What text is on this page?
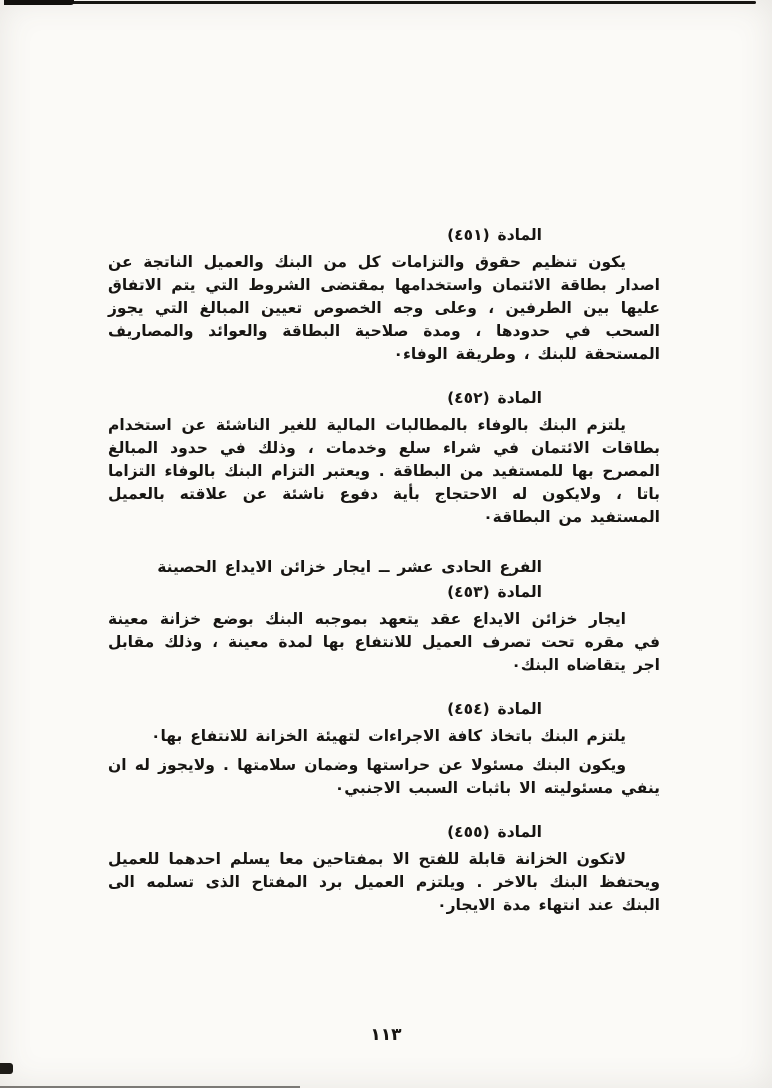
المادة (٤٥١)

يكون تنظيم حقوق والتزامات كل من البنك والعميل الناتجة عن اصدار بطاقة الائتمان واستخدامها بمقتضى الشروط التي يتم الاتفاق عليها بين الطرفين ، وعلى وجه الخصوص تعيين المبالغ التي يجوز السحب في حدودها ، ومدة صلاحية البطاقة والعوائد والمصاريف المستحقة للبنك ، وطريقة الوفاء٠

المادة (٤٥٢)

يلتزم البنك بالوفاء بالمطالبات المالية للغير الناشئة عن استخدام بطاقات الائتمان في شراء سلع وخدمات ، وذلك في حدود المبالغ المصرح بها للمستفيد من البطاقة . ويعتبر التزام البنك بالوفاء التزاما باتا ، ولايكون له الاحتجاج بأية دفوع ناشئة عن علاقته بالعميل المستفيد من البطاقة٠

الفرع الحادى عشر ــ ايجار خزائن الايداع الحصينة
المادة (٤٥٣)

ايجار خزائن الايداع عقد يتعهد بموجبه البنك بوضع خزانة معينة في مقره تحت تصرف العميل للانتفاع بها لمدة معينة ، وذلك مقابل اجر يتقاضاه البنك٠

المادة (٤٥٤)

يلتزم البنك باتخاذ كافة الاجراءات لتهيئة الخزانة للانتفاع بها٠

ويكون البنك مسئولا عن حراستها وضمان سلامتها . ولايجوز له ان ينفي مسئوليته الا باثبات السبب الاجنبي٠

المادة (٤٥٥)

لاتكون الخزانة قابلة للفتح الا بمفتاحين معا يسلم احدهما للعميل ويحتفظ البنك بالاخر . ويلتزم العميل برد المفتاح الذى تسلمه الى البنك عند انتهاء مدة الايجار٠

١١٣
